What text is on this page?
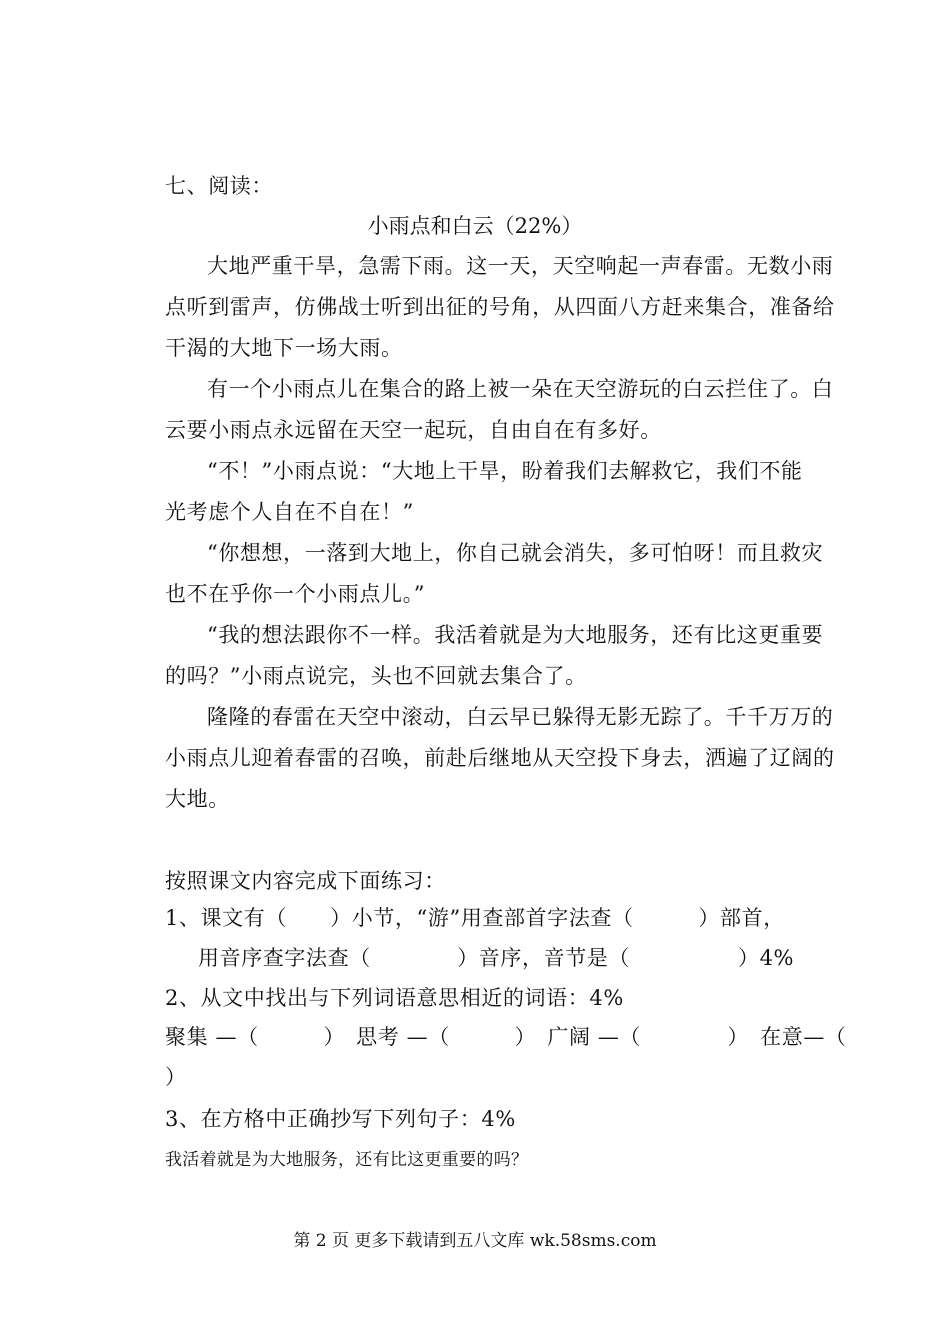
七、阅读：
小雨点和白云（22%）
大地严重干旱，急需下雨。这一天，天空响起一声春雷。无数小雨
点听到雷声，仿佛战士听到出征的号角，从四面八方赶来集合，准备给
干渴的大地下一场大雨。
有一个小雨点儿在集合的路上被一朵在天空游玩的白云拦住了。白
云要小雨点永远留在天空一起玩，自由自在有多好。
“不！”小雨点说：“大地上干旱，盼着我们去解救它，我们不能
光考虑个人自在不自在！”
“你想想，一落到大地上，你自己就会消失，多可怕呀！而且救灾
也不在乎你一个小雨点儿。”
“我的想法跟你不一样。我活着就是为大地服务，还有比这更重要
的吗？”小雨点说完，头也不回就去集合了。
隆隆的春雷在天空中滚动，白云早已躲得无影无踪了。千千万万的
小雨点儿迎着春雷的召唤，前赴后继地从天空投下身去，洒遍了辽阔的
大地。
按照课文内容完成下面练习：
1、课文有（　　）小节，“游”用查部首字法查（　　　）部首，
用音序查字法查（　　　　）音序，音节是（　　　　　）4%
2、从文中找出与下列词语意思相近的词语：4%
聚集 —（　　　）　思考 —（　　　）　广阔 —（　　　　）　在意—（
）
3、在方格中正确抄写下列句子：4%
我活着就是为大地服务，还有比这更重要的吗？
第 2 页 更多下载请到五八文库 wk.58sms.com
